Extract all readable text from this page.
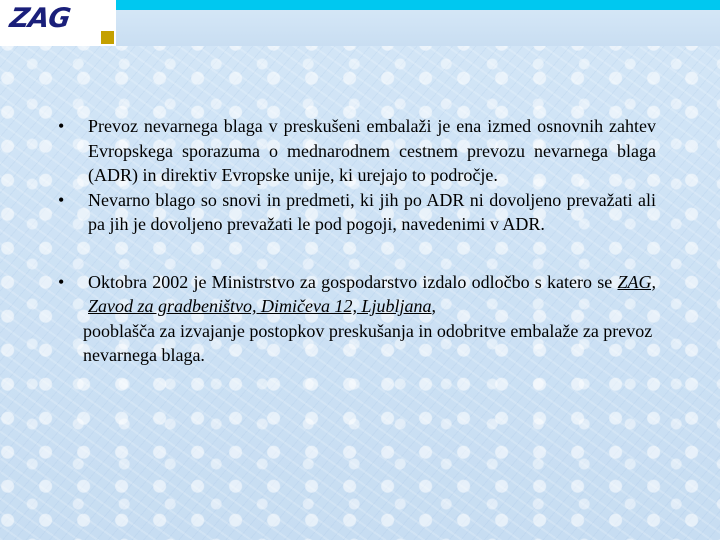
ZAG
•	Prevoz nevarnega blaga v preskušeni embalaži je ena izmed osnovnih zahtev Evropskega sporazuma o mednarodnem cestnem prevozu nevarnega blaga (ADR) in direktiv Evropske unije, ki urejajo to področje.
•	Nevarno blago so snovi in predmeti, ki jih po ADR ni dovoljeno prevažati ali pa jih je dovoljeno prevažati le pod pogoji, navedenimi v ADR.
•	Oktobra 2002 je Ministrstvo za gospodarstvo izdalo odločbo s katero se ZAG, Zavod za gradbeništvo, Dimičeva 12, Ljubljana,
pooblašča za izvajanje postopkov preskušanja in odobritve embalaže za prevoz nevarnega blaga.
